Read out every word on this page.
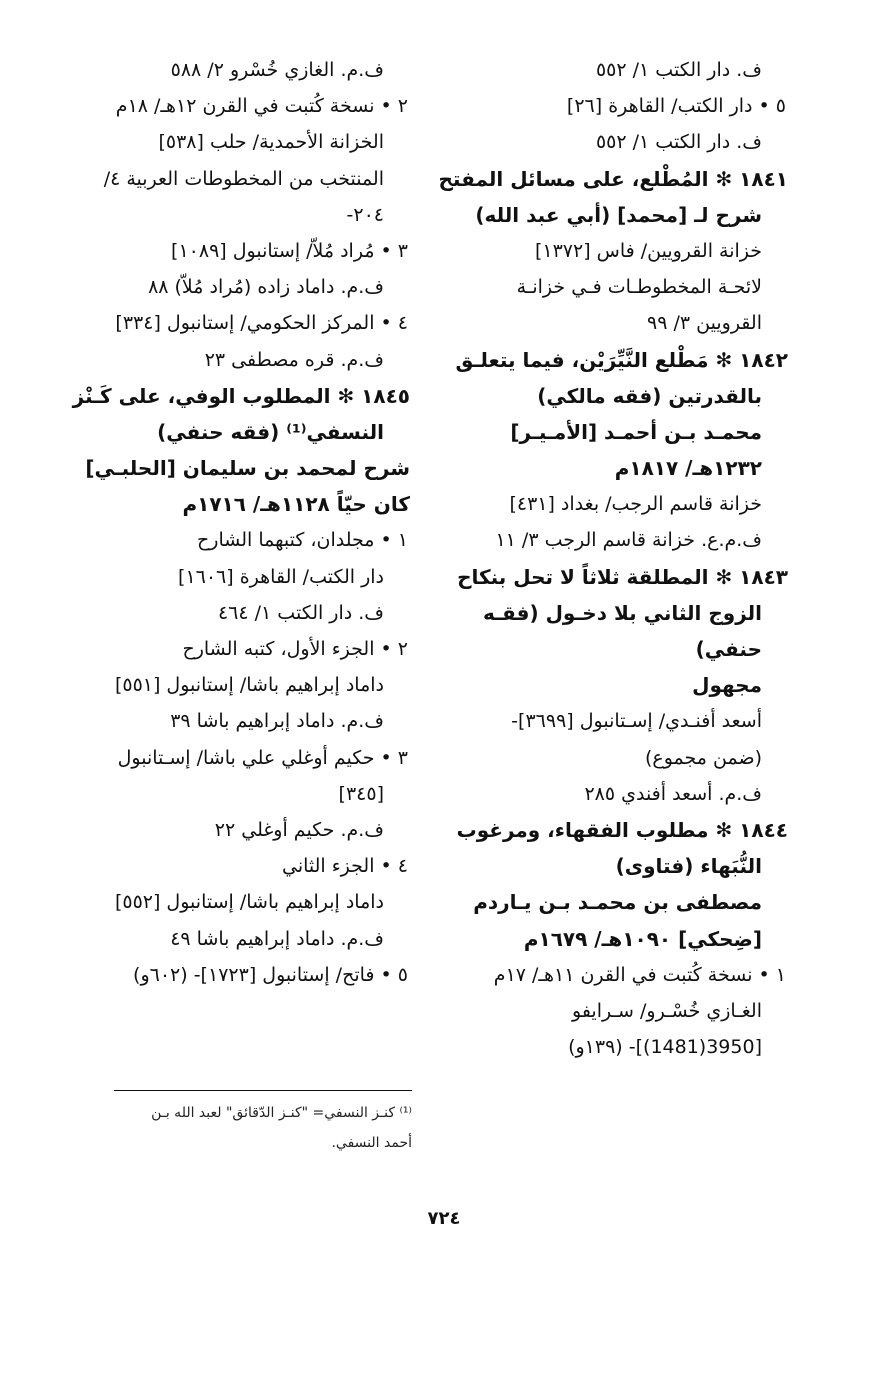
ف. دار الكتب ١/ ٥٥٢
٥ • دار الكتب/ القاهرة [٢٦]
ف. دار الكتب ١/ ٥٥٢
١٨٤١ ✻ المُطْلع، على مسائل المفتح
شرح لـ [محمد] (أبي عبد الله)
خزانة القرويين/ فاس [١٣٧٢]
لائحـة المخطوطـات فـي خزانـة
القرويين ٣/ ٩٩
١٨٤٢ ✻ مَطْلع النَّيِّرَيْن، فيما يتعلـق
بالقدرتين (فقه مالكي)
محمـد بـن أحمـد [الأمـيـر]
١٢٣٢هـ/ ١٨١٧م
خزانة قاسم الرجب/ بغداد [٤٣١]
ف.م.ع. خزانة قاسم الرجب ٣/ ١١
١٨٤٣ ✻ المطلقة ثلاثاً لا تحل بنكاح
الزوج الثاني بلا دخـول (فقـه
حنفي)
مجهول
أسعد أفنـدي/ إسـتانبول [٣٦٩٩]-
(ضمن مجموع)
ف.م. أسعد أفندي ٢٨٥
١٨٤٤ ✻ مطلوب الفقهاء، ومرغوب
النُّبَهاء (فتاوى)
مصطفى بن محمـد بـن يـاردم
[ضِحكي] ١٠٩٠هـ/ ١٦٧٩م
١ • نسخة كُتبت في القرن ١١هـ/ ١٧م
الغـازي خُسْـرو/ سـرايفو
[3950(1481)]- (١٣٩و)
ف.م. الغازي خُسْرو ٢/ ٥٨٨
٢ • نسخة كُتبت في القرن ١٢هـ/ ١٨م
الخزانة الأحمدية/ حلب [٥٣٨]
المنتخب من المخطوطات العربية ٤/
٢٠٤-
٣ • مُراد مُلاّ/ إستانبول [١٠٨٩]
ف.م. داماد زاده (مُراد مُلاّ) ٨٨
٤ • المركز الحكومي/ إستانبول [٣٣٤]
ف.م. قره مصطفى ٢٣
١٨٤٥ ✻ المطلوب الوفي، على كَـنْز
النسفي⁽¹⁾ (فقه حنفي)
شرح لمحمد بن سليمان [الحلبـي]
كان حيّاً ١١٢٨هـ/ ١٧١٦م
١ • مجلدان، كتبهما الشارح
دار الكتب/ القاهرة [١٦٠٦]
ف. دار الكتب ١/ ٤٦٤
٢ • الجزء الأول، كتبه الشارح
داماد إبراهيم باشا/ إستانبول [٥٥١]
ف.م. داماد إبراهيم باشا ٣٩
٣ • حكيم أوغلي علي باشا/ إسـتانبول
[٣٤٥]
ف.م. حكيم أوغلي ٢٢
٤ • الجزء الثاني
داماد إبراهيم باشا/ إستانبول [٥٥٢]
ف.م. داماد إبراهيم باشا ٤٩
٥ • فاتح/ إستانبول [١٧٢٣]- (٦٠٢و)
⁽¹⁾ كنـز النسفي= "كنـز الدّقائق" لعبد الله بـن
أحمد النسفي.
٧٢٤
